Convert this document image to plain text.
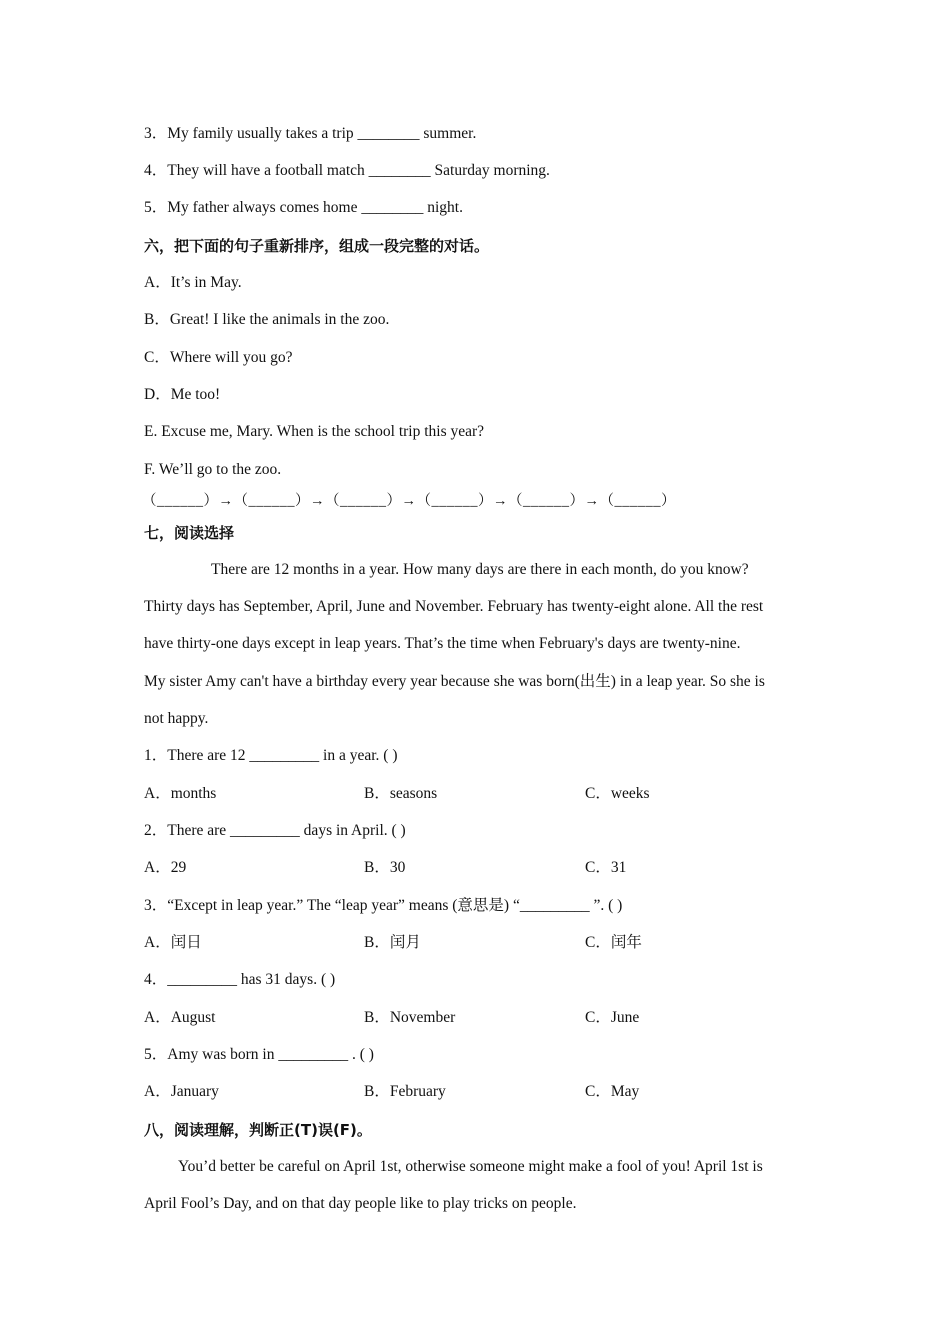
3．My family usually takes a trip ________ summer.
4．They will have a football match ________ Saturday morning.
5．My father always comes home ________ night.
六，把下面的句子重新排序，组成一段完整的对话。
A．It’s in May.
B．Great! I like the animals in the zoo.
C．Where will you go?
D．Me too!
E. Excuse me, Mary. When is the school trip this year?
F. We’ll go to the zoo.
（______）→（______）→（______）→（______）→（______）→（______）
七，阅读选择
There are 12 months in a year. How many days are there in each month, do you know?
Thirty days has September, April, June and November. February has twenty-eight alone. All the rest
have thirty-one days except in leap years. That’s the time when February's days are twenty-nine.
My sister Amy can't have a birthday every year because she was born(出生) in a leap year. So she is
not happy.
1．There are 12 _________ in a year. ( )
A．months	B．seasons	C．weeks
2．There are _________ days in April. ( )
A．29	B．30	C．31
3．“Except in leap year.” The “leap year” means (意思是) “_________ ”. ( )
A．闰日	B．闰月	C．闰年
4．_________ has 31 days. ( )
A．August	B．November	C．June
5．Amy was born in _________ . ( )
A．January	B．February	C．May
八，阅读理解，判断正(T)误(F)。
You’d better be careful on April 1st, otherwise someone might make a fool of you! April 1st is
April Fool’s Day, and on that day people like to play tricks on people.
